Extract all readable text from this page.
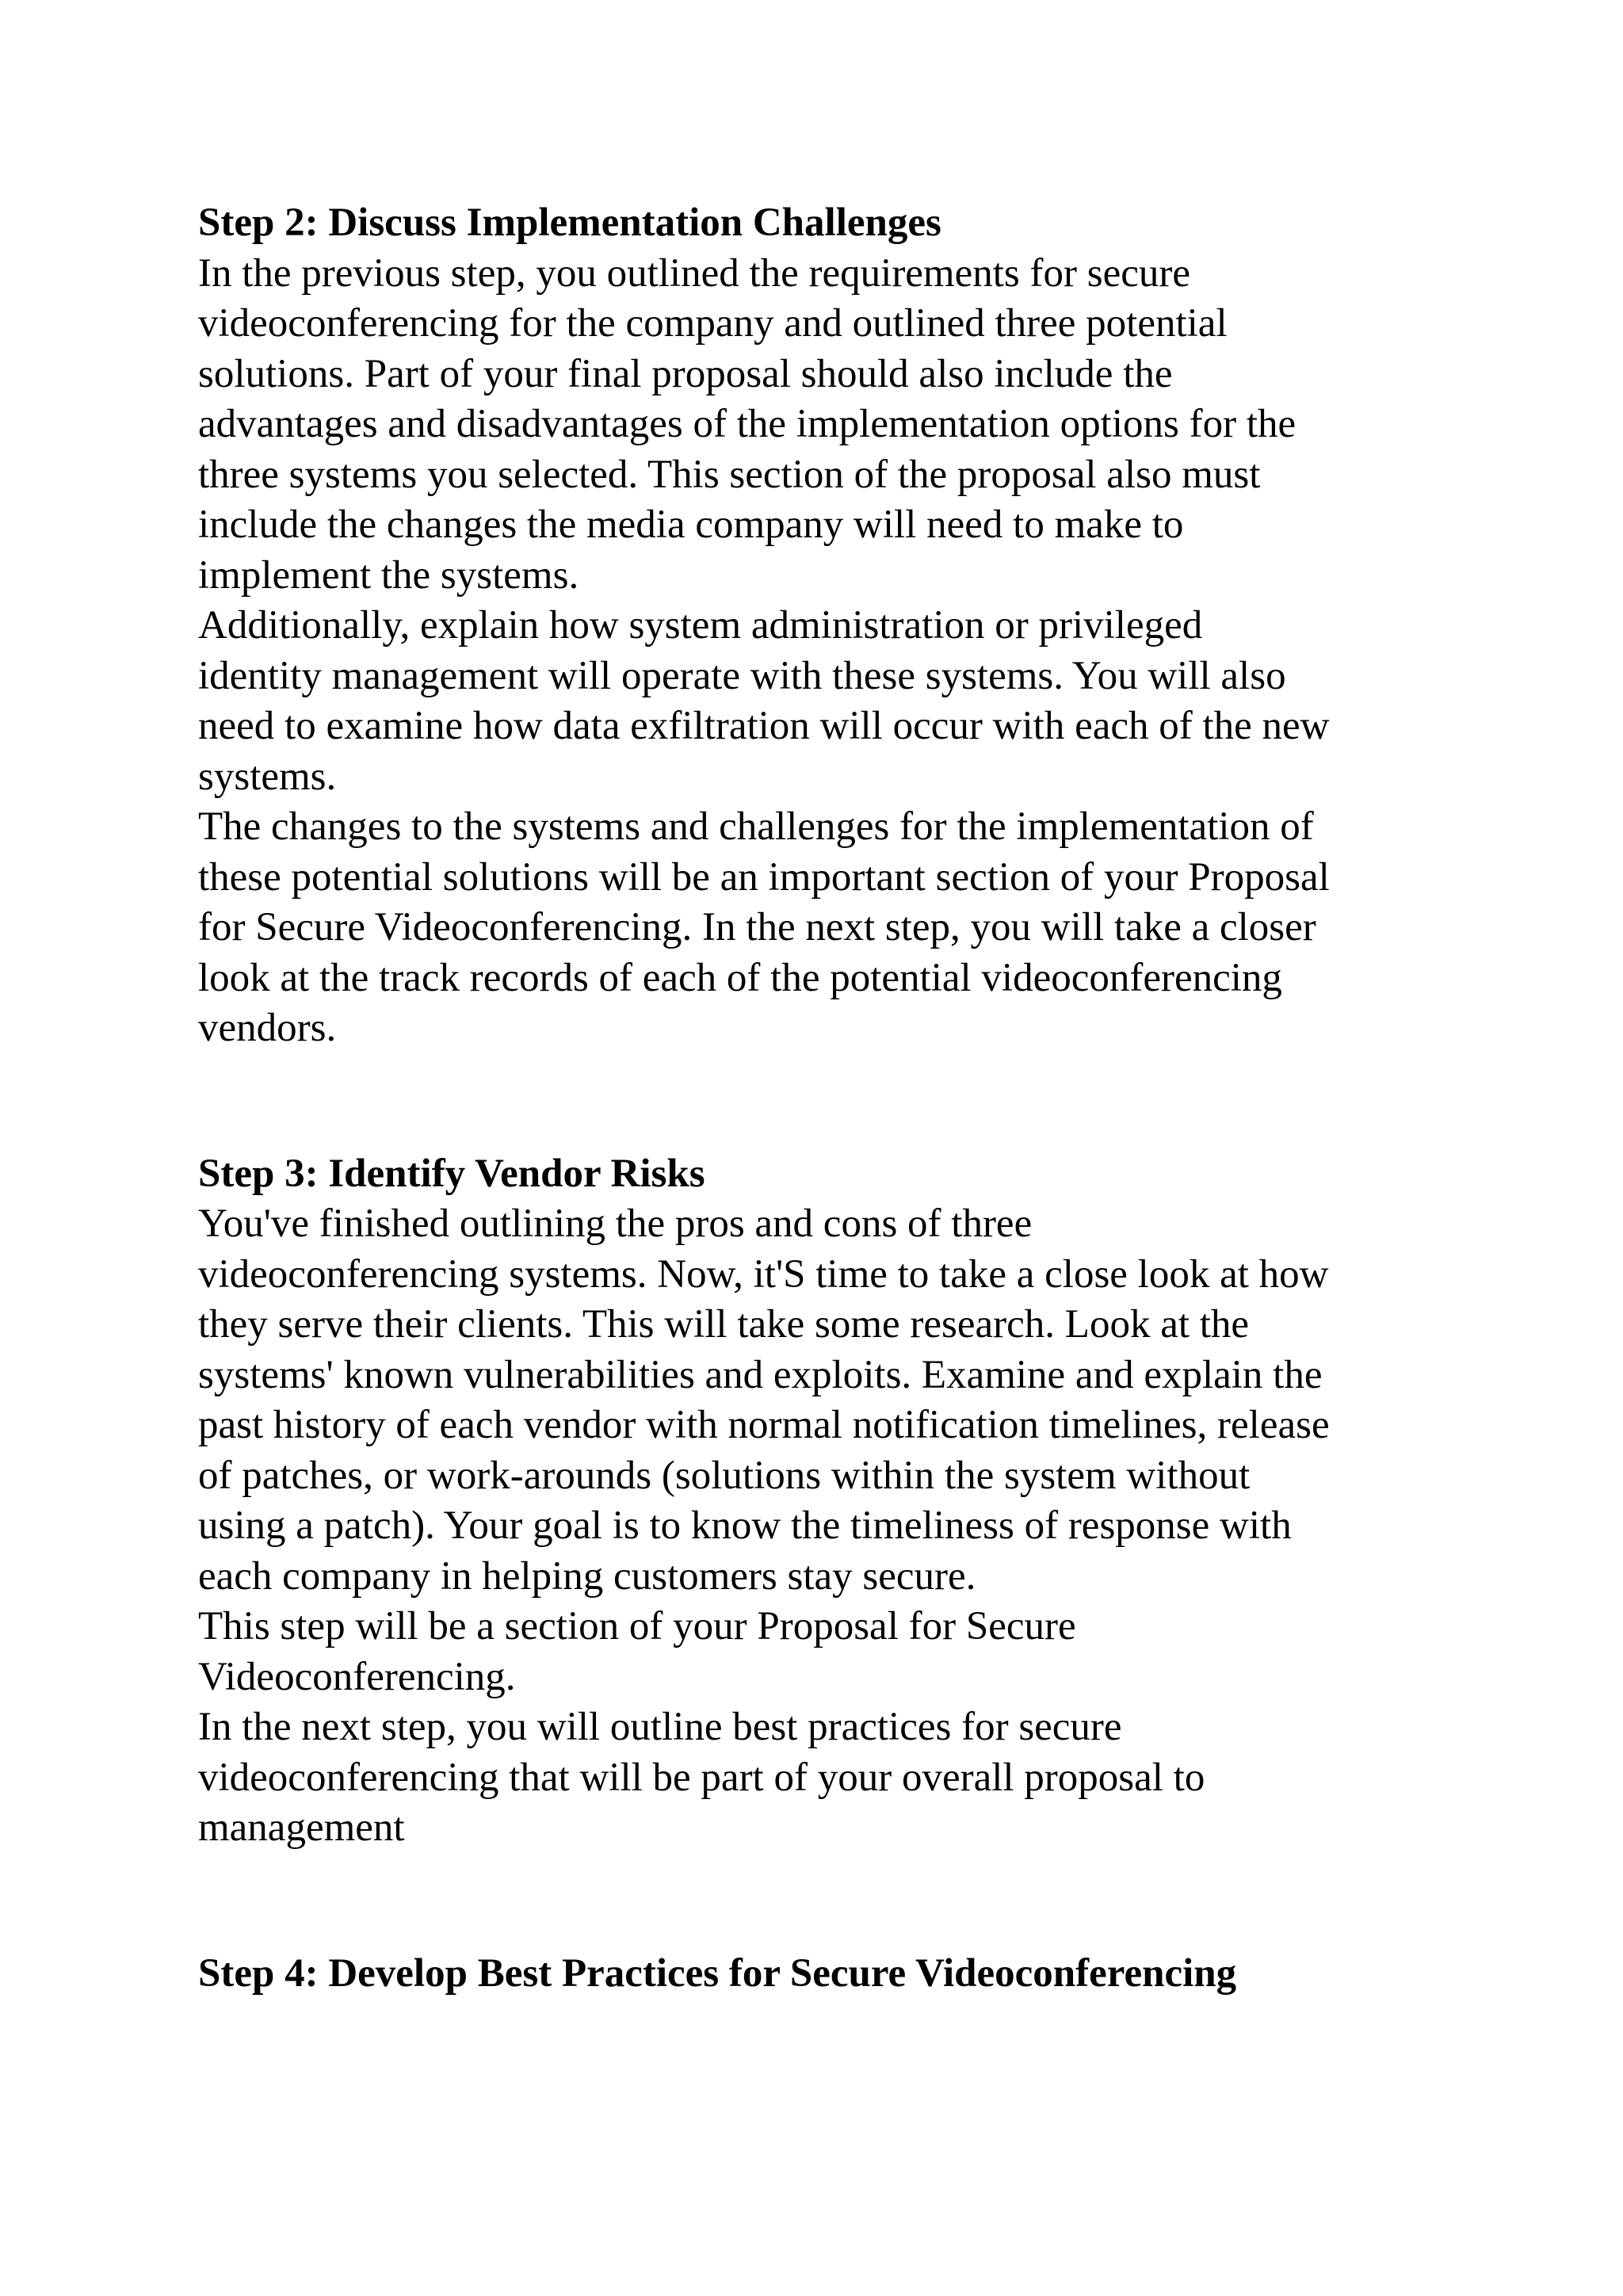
Step 2: Discuss Implementation Challenges

In the previous step, you outlined the requirements for secure

videoconferencing for the company and outlined three potential

solutions. Part of your final proposal should also include the

advantages and disadvantages of the implementation options for the

three systems you selected. This section of the proposal also must

include the changes the media company will need to make to

implement the systems.

Additionally, explain how system administration or privileged

identity management will operate with these systems. You will also

need to examine how data exfiltration will occur with each of the new

systems.

The changes to the systems and challenges for the implementation of

these potential solutions will be an important section of your Proposal

for Secure Videoconferencing. In the next step, you will take a closer

look at the track records of each of the potential videoconferencing

vendors.

Step 3: Identify Vendor Risks

You've finished outlining the pros and cons of three

videoconferencing systems. Now, it'S time to take a close look at how

they serve their clients. This will take some research. Look at the

systems' known vulnerabilities and exploits. Examine and explain the

past history of each vendor with normal notification timelines, release

of patches, or work-arounds (solutions within the system without

using a patch). Your goal is to know the timeliness of response with

each company in helping customers stay secure.

This step will be a section of your Proposal for Secure

Videoconferencing.

In the next step, you will outline best practices for secure

videoconferencing that will be part of your overall proposal to

management

Step 4: Develop Best Practices for Secure Videoconferencing
